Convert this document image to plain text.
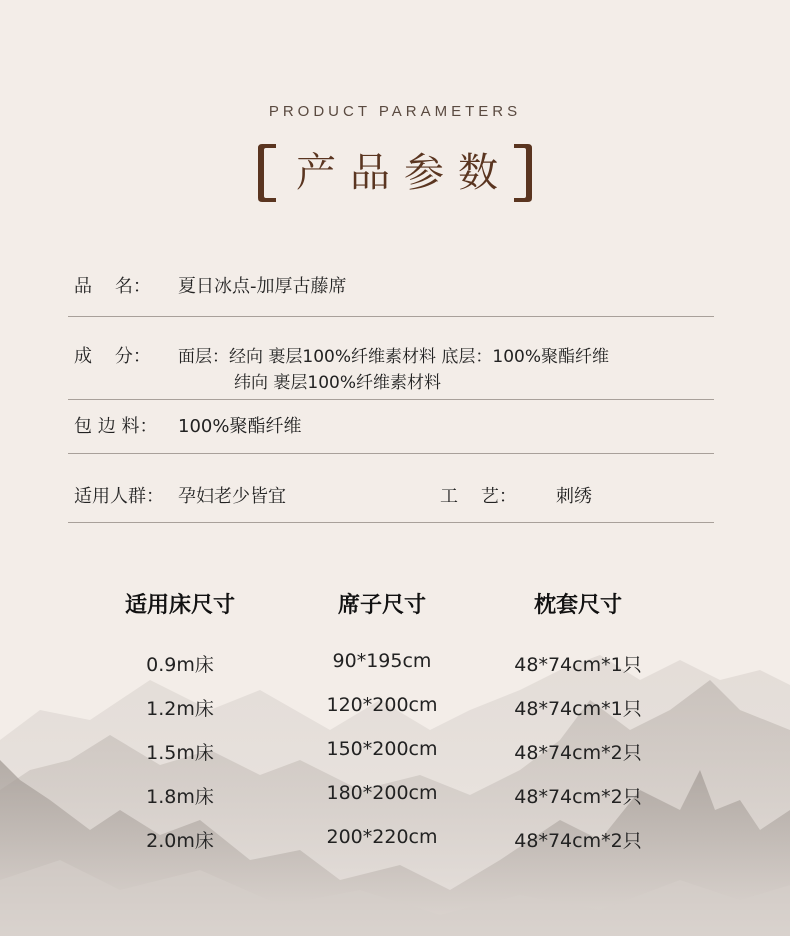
PRODUCT PARAMETERS
产品参数
品    名： 夏日冰点-加厚古藤席
成    分： 面层：经向 裹层100%纤维素材料 底层：100%聚酯纤维
纬向 裹层100%纤维素材料
包 边 料： 100%聚酯纤维
适用人群： 孕妇老少皆宜	工    艺： 刺绣
适用床尺寸	席子尺寸	枕套尺寸
0.9m床	90*195cm	48*74cm*1只
1.2m床	120*200cm	48*74cm*1只
1.5m床	150*200cm	48*74cm*2只
1.8m床	180*200cm	48*74cm*2只
2.0m床	200*220cm	48*74cm*2只
